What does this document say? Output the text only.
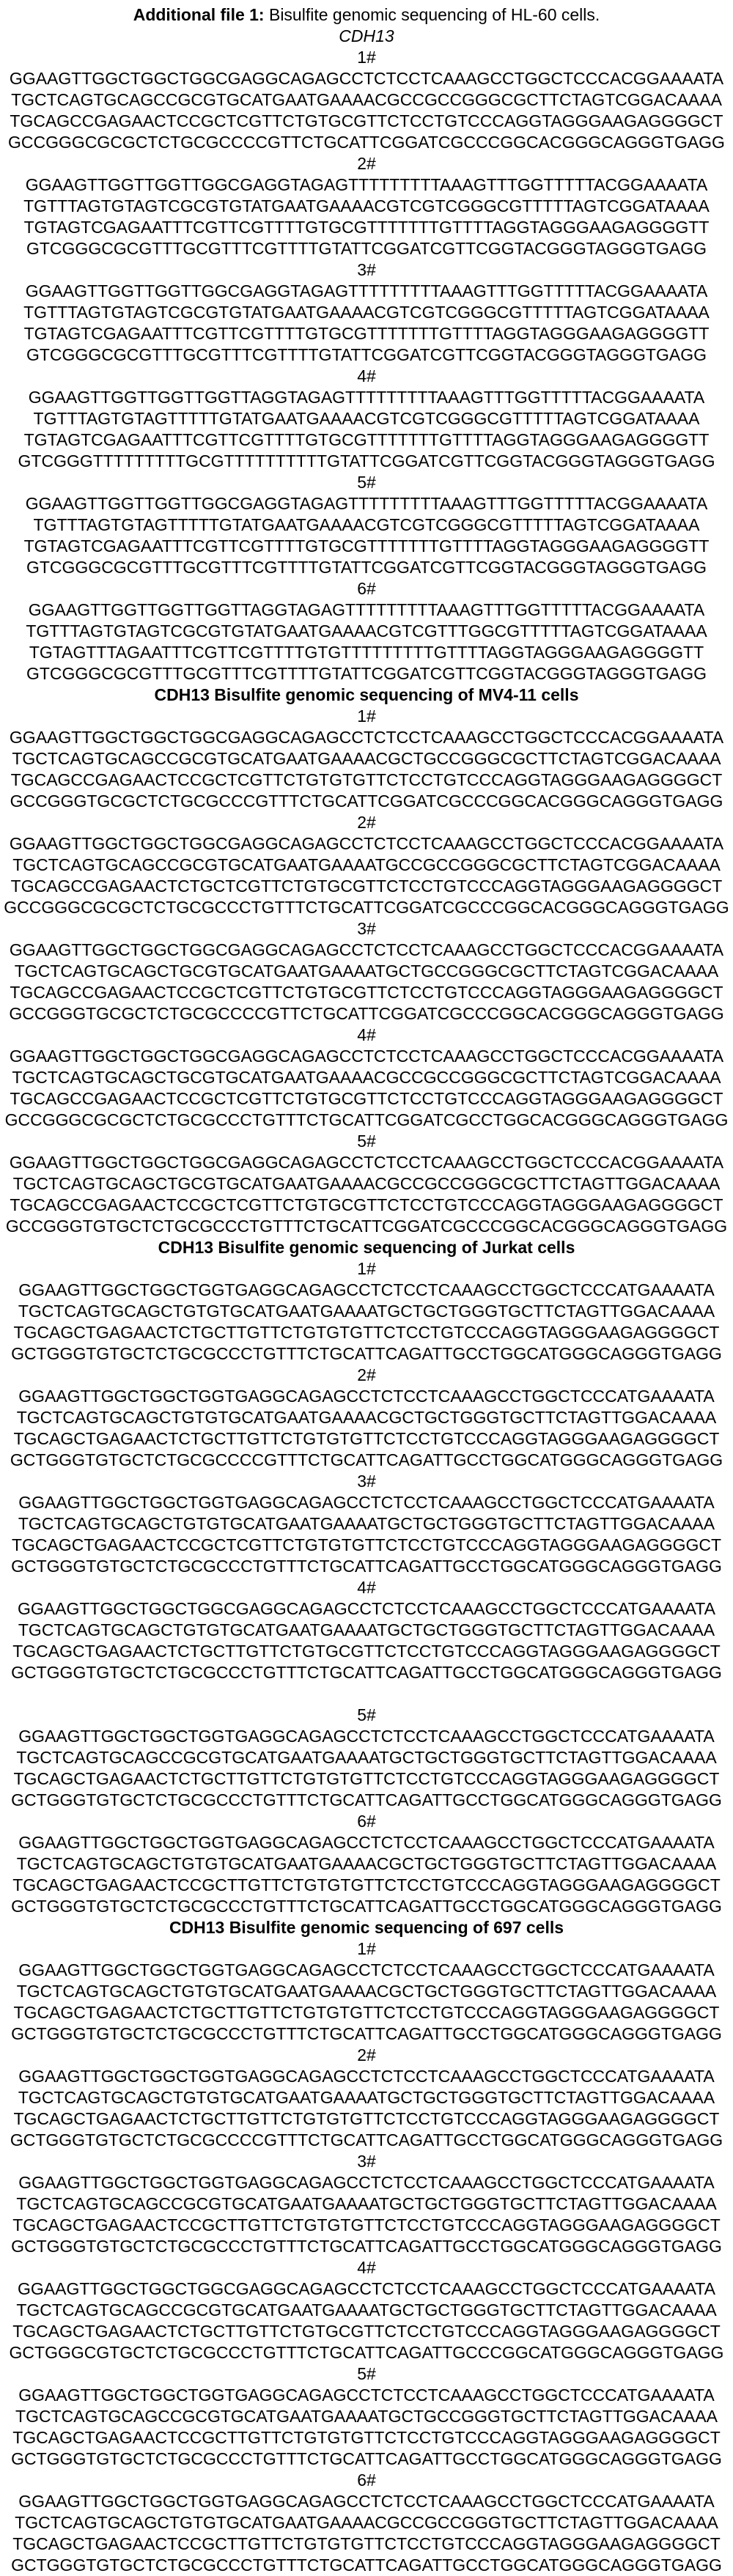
Additional file 1: Bisulfite genomic sequencing of HL-60 cells.
CDH13
1#
GGAAGTTGGCTGGCTGGCGAGGCAGAGCCTCTCCTCAAAGCCTGGCTCCCACGGAAAATA
TGCTCAGTGCAGCCGCGTGCATGAATGAAAACGCCGCCGGGCGCTTCTAGTCGGACAAAA
TGCAGCCGAGAACTCCGCTCGTTCTGTGCGTTCTCCTGTCCCAGGTAGGGAAGAGGGGCT
GCCGGGCGCGCTCTGCGCCCCGTTCTGCATTCGGATCGCCCGGCACGGGCAGGGTGAGG
2#
GGAAGTTGGTTGGTTGGCGAGGTAGAGTTTTTTTTTAAAGTTTGGTTTTTACGGAAAATA
TGTTTAGTGTAGTCGCGTGTATGAATGAAAACGTCGTCGGGCGTTTTTAGTCGGATAAAA
TGTAGTCGAGAATTTCGTTCGTTTTGTGCGTTTTTTTGTTTTAGGTAGGGAAGAGGGGTT
GTCGGGCGCGTTTGCGTTTCGTTTTGTATTCGGATCGTTCGGTACGGGTAGGGTGAGG
3#
GGAAGTTGGTTGGTTGGCGAGGTAGAGTTTTTTTTTAAAGTTTGGTTTTTACGGAAAATA
TGTTTAGTGTAGTCGCGTGTATGAATGAAAACGTCGTCGGGCGTTTTTAGTCGGATAAAA
TGTAGTCGAGAATTTCGTTCGTTTTGTGCGTTTTTTTGTTTTAGGTAGGGAAGAGGGGTT
GTCGGGCGCGTTTGCGTTTCGTTTTGTATTCGGATCGTTCGGTACGGGTAGGGTGAGG
4#
GGAAGTTGGTTGGTTGGTTAGGTAGAGTTTTTTTTTAAAGTTTGGTTTTTACGGAAAATA
TGTTTAGTGTAGTTTTTGTATGAATGAAAACGTCGTCGGGCGTTTTTAGTCGGATAAAA
TGTAGTCGAGAATTTCGTTCGTTTTGTGCGTTTTTTTGTTTTAGGTAGGGAAGAGGGGTT
GTCGGGTTTTTTTTTGCGTTTTTTTTTTGTATTCGGATCGTTCGGTACGGGTAGGGTGAGG
5#
GGAAGTTGGTTGGTTGGCGAGGTAGAGTTTTTTTTTAAAGTTTGGTTTTTACGGAAAATA
TGTTTAGTGTAGTTTTTGTATGAATGAAAACGTCGTCGGGCGTTTTTAGTCGGATAAAA
TGTAGTCGAGAATTTCGTTCGTTTTGTGCGTTTTTTTGTTTTAGGTAGGGAAGAGGGGTT
GTCGGGCGCGTTTGCGTTTCGTTTTGTATTCGGATCGTTCGGTACGGGTAGGGTGAGG
6#
GGAAGTTGGTTGGTTGGTTAGGTAGAGTTTTTTTTTAAAGTTTGGTTTTTACGGAAAATA
TGTTTAGTGTAGTCGCGTGTATGAATGAAAACGTCGTTTGGCGTTTTTAGTCGGATAAAA
TGTAGTTTAGAATTTCGTTCGTTTTGTGTTTTTTTTTGTTTTAGGTAGGGAAGAGGGGTT
GTCGGGCGCGTTTGCGTTTCGTTTTGTATTCGGATCGTTCGGTACGGGTAGGGTGAGG
CDH13 Bisulfite genomic sequencing of MV4-11 cells
1#
GGAAGTTGGCTGGCTGGCGAGGCAGAGCCTCTCCTCAAAGCCTGGCTCCCACGGAAAATA
TGCTCAGTGCAGCCGCGTGCATGAATGAAAACGCTGCCGGGCGCTTCTAGTCGGACAAAA
TGCAGCCGAGAACTCCGCTCGTTCTGTGTGTTCTCCTGTCCCAGGTAGGGAAGAGGGGCT
GCCGGGTGCGCTCTGCGCCCGTTTCTGCATTCGGATCGCCCGGCACGGGCAGGGTGAGG
2#
GGAAGTTGGCTGGCTGGCGAGGCAGAGCCTCTCCTCAAAGCCTGGCTCCCACGGAAAATA
TGCTCAGTGCAGCCGCGTGCATGAATGAAAATGCCGCCGGGCGCTTCTAGTCGGACAAAA
TGCAGCCGAGAACTCTGCTCGTTCTGTGCGTTCTCCTGTCCCAGGTAGGGAAGAGGGGCT
GCCGGGCGCGCTCTGCGCCCTGTTTCTGCATTCGGATCGCCCGGCACGGGCAGGGTGAGG
3#
GGAAGTTGGCTGGCTGGCGAGGCAGAGCCTCTCCTCAAAGCCTGGCTCCCACGGAAAATA
TGCTCAGTGCAGCTGCGTGCATGAATGAAAATGCTGCCGGGCGCTTCTAGTCGGACAAAA
TGCAGCCGAGAACTCCGCTCGTTCTGTGCGTTCTCCTGTCCCAGGTAGGGAAGAGGGGCT
GCCGGGTGCGCTCTGCGCCCCGTTCTGCATTCGGATCGCCCGGCACGGGCAGGGTGAGG
4#
GGAAGTTGGCTGGCTGGCGAGGCAGAGCCTCTCCTCAAAGCCTGGCTCCCACGGAAAATA
TGCTCAGTGCAGCTGCGTGCATGAATGAAAACGCCGCCGGGCGCTTCTAGTCGGACAAAA
TGCAGCCGAGAACTCCGCTCGTTCTGTGCGTTCTCCTGTCCCAGGTAGGGAAGAGGGGCT
GCCGGGCGCGCTCTGCGCCCTGTTTCTGCATTCGGATCGCCTGGCACGGGCAGGGTGAGG
5#
GGAAGTTGGCTGGCTGGCGAGGCAGAGCCTCTCCTCAAAGCCTGGCTCCCACGGAAAATA
TGCTCAGTGCAGCTGCGTGCATGAATGAAAACGCCGCCGGGCGCTTCTAGTTGGACAAAA
TGCAGCCGAGAACTCCGCTCGTTCTGTGCGTTCTCCTGTCCCAGGTAGGGAAGAGGGGCT
GCCGGGTGTGCTCTGCGCCCTGTTTCTGCATTCGGATCGCCCGGCACGGGCAGGGTGAGG
CDH13 Bisulfite genomic sequencing of Jurkat cells
1#
GGAAGTTGGCTGGCTGGTGAGGCAGAGCCTCTCCTCAAAGCCTGGCTCCCATGAAAATA
TGCTCAGTGCAGCTGTGTGCATGAATGAAAATGCTGCTGGGTGCTTCTAGTTGGACAAAA
TGCAGCTGAGAACTCTGCTTGTTCTGTGTGTTCTCCTGTCCCAGGTAGGGAAGAGGGGCT
GCTGGGTGTGCTCTGCGCCCTGTTTCTGCATTCAGATTGCCTGGCATGGGCAGGGTGAGG
2#
GGAAGTTGGCTGGCTGGTGAGGCAGAGCCTCTCCTCAAAGCCTGGCTCCCATGAAAATA
TGCTCAGTGCAGCTGTGTGCATGAATGAAAACGCTGCTGGGTGCTTCTAGTTGGACAAAA
TGCAGCTGAGAACTCTGCTTGTTCTGTGTGTTCTCCTGTCCCAGGTAGGGAAGAGGGGCT
GCTGGGTGTGCTCTGCGCCCCGTTTCTGCATTCAGATTGCCTGGCATGGGCAGGGTGAGG
3#
GGAAGTTGGCTGGCTGGTGAGGCAGAGCCTCTCCTCAAAGCCTGGCTCCCATGAAAATA
TGCTCAGTGCAGCTGTGTGCATGAATGAAAATGCTGCTGGGTGCTTCTAGTTGGACAAAA
TGCAGCTGAGAACTCCGCTCGTTCTGTGTGTTCTCCTGTCCCAGGTAGGGAAGAGGGGCT
GCTGGGTGTGCTCTGCGCCCTGTTTCTGCATTCAGATTGCCTGGCATGGGCAGGGTGAGG
4#
GGAAGTTGGCTGGCTGGCGAGGCAGAGCCTCTCCTCAAAGCCTGGCTCCCATGAAAATA
TGCTCAGTGCAGCTGTGTGCATGAATGAAAATGCTGCTGGGTGCTTCTAGTTGGACAAAA
TGCAGCTGAGAACTCTGCTTGTTCTGTGCGTTCTCCTGTCCCAGGTAGGGAAGAGGGGCT
GCTGGGTGTGCTCTGCGCCCTGTTTCTGCATTCAGATTGCCTGGCATGGGCAGGGTGAGG
5#
GGAAGTTGGCTGGCTGGTGAGGCAGAGCCTCTCCTCAAAGCCTGGCTCCCATGAAAATA
TGCTCAGTGCAGCCGCGTGCATGAATGAAAATGCTGCTGGGTGCTTCTAGTTGGACAAAA
TGCAGCTGAGAACTCTGCTTGTTCTGTGTGTTCTCCTGTCCCAGGTAGGGAAGAGGGGCT
GCTGGGTGTGCTCTGCGCCCTGTTTCTGCATTCAGATTGCCTGGCATGGGCAGGGTGAGG
6#
GGAAGTTGGCTGGCTGGTGAGGCAGAGCCTCTCCTCAAAGCCTGGCTCCCATGAAAATA
TGCTCAGTGCAGCTGTGTGCATGAATGAAAACGCTGCTGGGTGCTTCTAGTTGGACAAAA
TGCAGCTGAGAACTCCGCTTGTTCTGTGTGTTCTCCTGTCCCAGGTAGGGAAGAGGGGCT
GCTGGGTGTGCTCTGCGCCCTGTTTCTGCATTCAGATTGCCTGGCATGGGCAGGGTGAGG
CDH13 Bisulfite genomic sequencing of 697 cells
1#
GGAAGTTGGCTGGCTGGTGAGGCAGAGCCTCTCCTCAAAGCCTGGCTCCCATGAAAATA
TGCTCAGTGCAGCTGTGTGCATGAATGAAAACGCTGCTGGGTGCTTCTAGTTGGACAAAA
TGCAGCTGAGAACTCTGCTTGTTCTGTGTGTTCTCCTGTCCCAGGTAGGGAAGAGGGGCT
GCTGGGTGTGCTCTGCGCCCTGTTTCTGCATTCAGATTGCCTGGCATGGGCAGGGTGAGG
2#
GGAAGTTGGCTGGCTGGTGAGGCAGAGCCTCTCCTCAAAGCCTGGCTCCCATGAAAATA
TGCTCAGTGCAGCTGTGTGCATGAATGAAAATGCTGCTGGGTGCTTCTAGTTGGACAAAA
TGCAGCTGAGAACTCTGCTTGTTCTGTGTGTTCTCCTGTCCCAGGTAGGGAAGAGGGGCT
GCTGGGTGTGCTCTGCGCCCCGTTTCTGCATTCAGATTGCCTGGCATGGGCAGGGTGAGG
3#
GGAAGTTGGCTGGCTGGTGAGGCAGAGCCTCTCCTCAAAGCCTGGCTCCCATGAAAATA
TGCTCAGTGCAGCCGCGTGCATGAATGAAAATGCTGCTGGGTGCTTCTAGTTGGACAAAA
TGCAGCTGAGAACTCCGCTTGTTCTGTGTGTTCTCCTGTCCCAGGTAGGGAAGAGGGGCT
GCTGGGTGTGCTCTGCGCCCTGTTTCTGCATTCAGATTGCCTGGCATGGGCAGGGTGAGG
4#
GGAAGTTGGCTGGCTGGCGAGGCAGAGCCTCTCCTCAAAGCCTGGCTCCCATGAAAATA
TGCTCAGTGCAGCCGCGTGCATGAATGAAAATGCTGCTGGGTGCTTCTAGTTGGACAAAA
TGCAGCTGAGAACTCTGCTTGTTCTGTGCGTTCTCCTGTCCCAGGTAGGGAAGAGGGGCT
GCTGGGCGTGCTCTGCGCCCTGTTTCTGCATTCAGATTGCCCGGCATGGGCAGGGTGAGG
5#
GGAAGTTGGCTGGCTGGTGAGGCAGAGCCTCTCCTCAAAGCCTGGCTCCCATGAAAATA
TGCTCAGTGCAGCCGCGTGCATGAATGAAAATGCTGCCGGGTGCTTCTAGTTGGACAAAA
TGCAGCTGAGAACTCCGCTTGTTCTGTGTGTTCTCCTGTCCCAGGTAGGGAAGAGGGGCT
GCTGGGTGTGCTCTGCGCCCTGTTTCTGCATTCAGATTGCCTGGCATGGGCAGGGTGAGG
6#
GGAAGTTGGCTGGCTGGTGAGGCAGAGCCTCTCCTCAAAGCCTGGCTCCCATGAAAATA
TGCTCAGTGCAGCTGTGTGCATGAATGAAAACGCCGCCGGGTGCTTCTAGTTGGACAAAA
TGCAGCTGAGAACTCCGCTTGTTCTGTGTGTTCTCCTGTCCCAGGTAGGGAAGAGGGGCT
GCTGGGTGTGCTCTGCGCCCTGTTTCTGCATTCAGATTGCCTGGCATGGGCAGGGTGAGG
